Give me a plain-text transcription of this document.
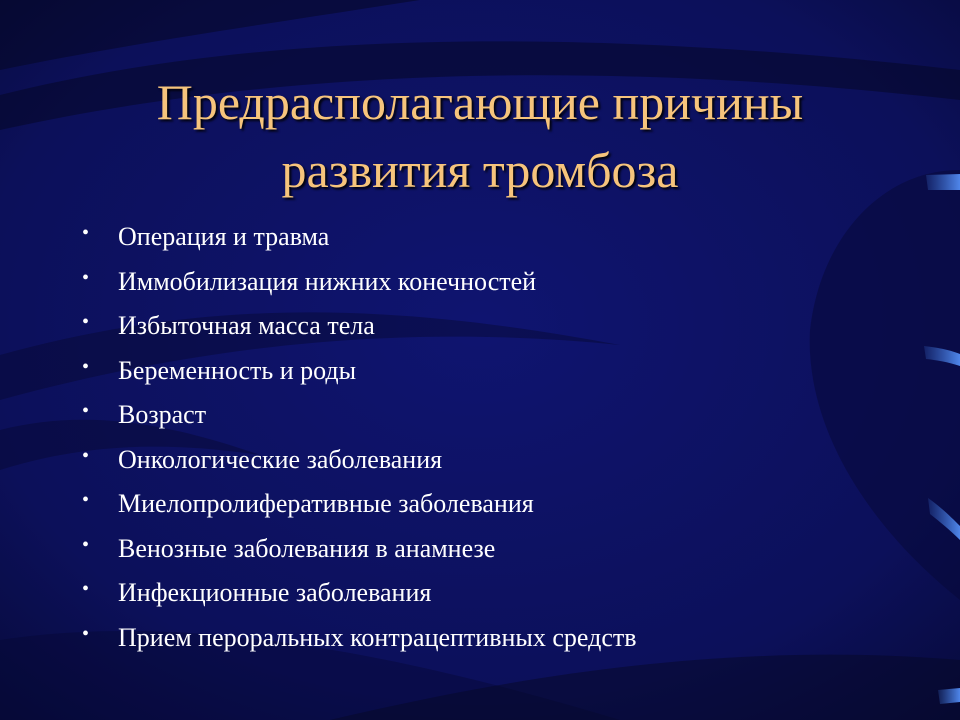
Предрасполагающие причины
развития тромбоза
• Операция и травма
• Иммобилизация нижних конечностей
• Избыточная масса тела
• Беременность и роды
• Возраст
• Онкологические заболевания
• Миелопролиферативные заболевания
• Венозные заболевания в анамнезе
• Инфекционные заболевания
• Прием пероральных контрацептивных средств
